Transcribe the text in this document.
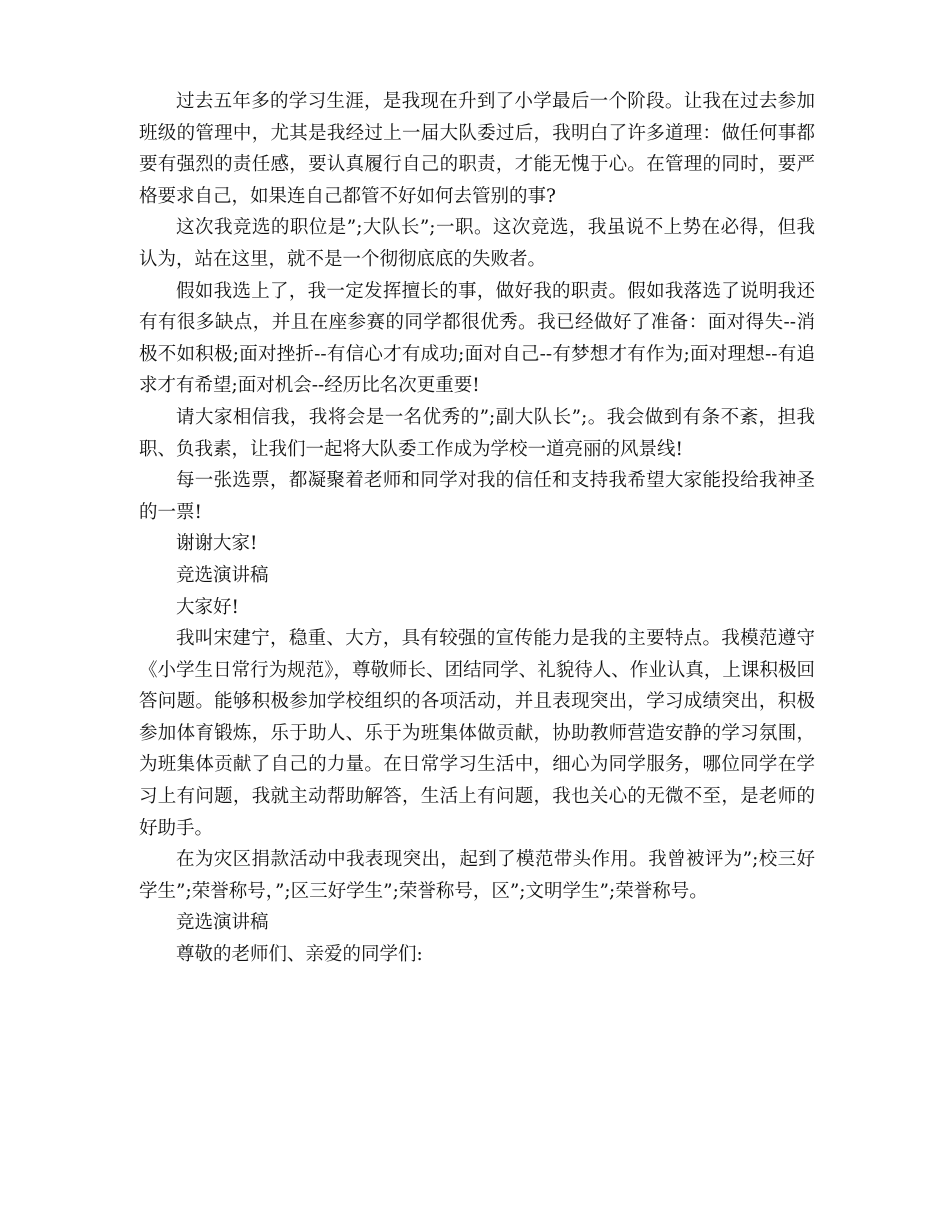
过去五年多的学习生涯，是我现在升到了小学最后一个阶段。让我在过去参加班级的管理中，尤其是我经过上一届大队委过后，我明白了许多道理：做任何事都要有强烈的责任感，要认真履行自己的职责，才能无愧于心。在管理的同时，要严格要求自己，如果连自己都管不好如何去管别的事?

这次我竞选的职位是”;大队长”;一职。这次竞选，我虽说不上势在必得，但我认为，站在这里，就不是一个彻彻底底的失败者。

假如我选上了，我一定发挥擅长的事，做好我的职责。假如我落选了说明我还有有很多缺点，并且在座参赛的同学都很优秀。我已经做好了准备：面对得失--消极不如积极;面对挫折--有信心才有成功;面对自己--有梦想才有作为;面对理想--有追求才有希望;面对机会--经历比名次更重要!

请大家相信我，我将会是一名优秀的”;副大队长”;。我会做到有条不紊，担我职、负我素，让我们一起将大队委工作成为学校一道亮丽的风景线!

每一张选票，都凝聚着老师和同学对我的信任和支持我希望大家能投给我神圣的一票!

谢谢大家!

竞选演讲稿

大家好!

我叫宋建宁，稳重、大方，具有较强的宣传能力是我的主要特点。我模范遵守《小学生日常行为规范》，尊敬师长、团结同学、礼貌待人、作业认真，上课积极回答问题。能够积极参加学校组织的各项活动，并且表现突出，学习成绩突出，积极参加体育锻炼，乐于助人、乐于为班集体做贡献，协助教师营造安静的学习氛围，为班集体贡献了自己的力量。在日常学习生活中，细心为同学服务，哪位同学在学习上有问题，我就主动帮助解答，生活上有问题，我也关心的无微不至，是老师的好助手。

在为灾区捐款活动中我表现突出，起到了模范带头作用。我曾被评为”;校三好学生”;荣誉称号，”;区三好学生”;荣誉称号，区”;文明学生”;荣誉称号。

竞选演讲稿

尊敬的老师们、亲爱的同学们:
